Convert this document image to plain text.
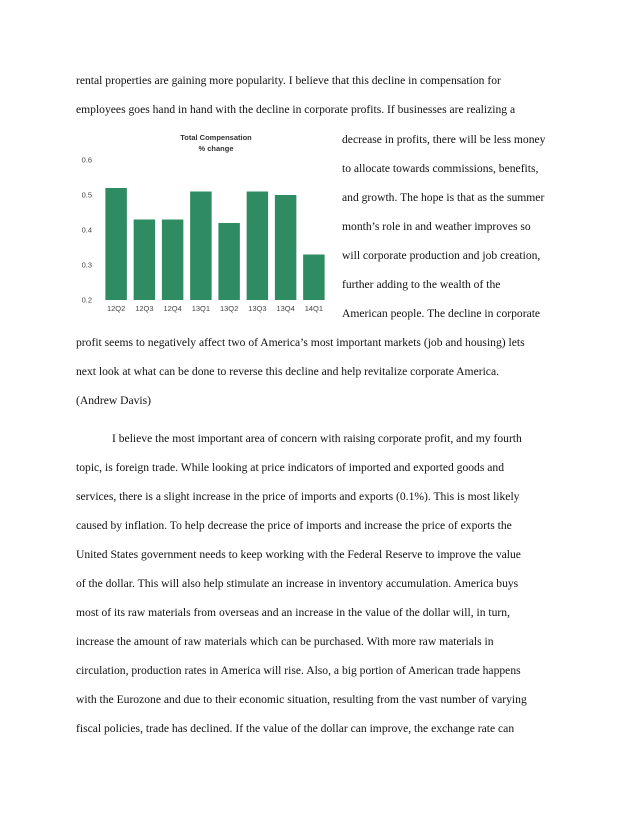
rental properties are gaining more popularity. I believe that this decline in compensation for
employees goes hand in hand with the decline in corporate profits. If businesses are realizing a
Total Compensation
% change
0.2
0.3
0.4
0.5
0.6
12Q2 12Q3 12Q4 13Q1 13Q2 13Q3 13Q4 14Q1
decrease in profits, there will be less money
to allocate towards commissions, benefits,
and growth. The hope is that as the summer
month’s role in and weather improves so
will corporate production and job creation,
further adding to the wealth of the
American people. The decline in corporate
profit seems to negatively affect two of America’s most important markets (job and housing) lets
next look at what can be done to reverse this decline and help revitalize corporate America.
(Andrew Davis)
I believe the most important area of concern with raising corporate profit, and my fourth
topic, is foreign trade. While looking at price indicators of imported and exported goods and
services, there is a slight increase in the price of imports and exports (0.1%). This is most likely
caused by inflation. To help decrease the price of imports and increase the price of exports the
United States government needs to keep working with the Federal Reserve to improve the value
of the dollar. This will also help stimulate an increase in inventory accumulation. America buys
most of its raw materials from overseas and an increase in the value of the dollar will, in turn,
increase the amount of raw materials which can be purchased. With more raw materials in
circulation, production rates in America will rise. Also, a big portion of American trade happens
with the Eurozone and due to their economic situation, resulting from the vast number of varying
fiscal policies, trade has declined. If the value of the dollar can improve, the exchange rate can
